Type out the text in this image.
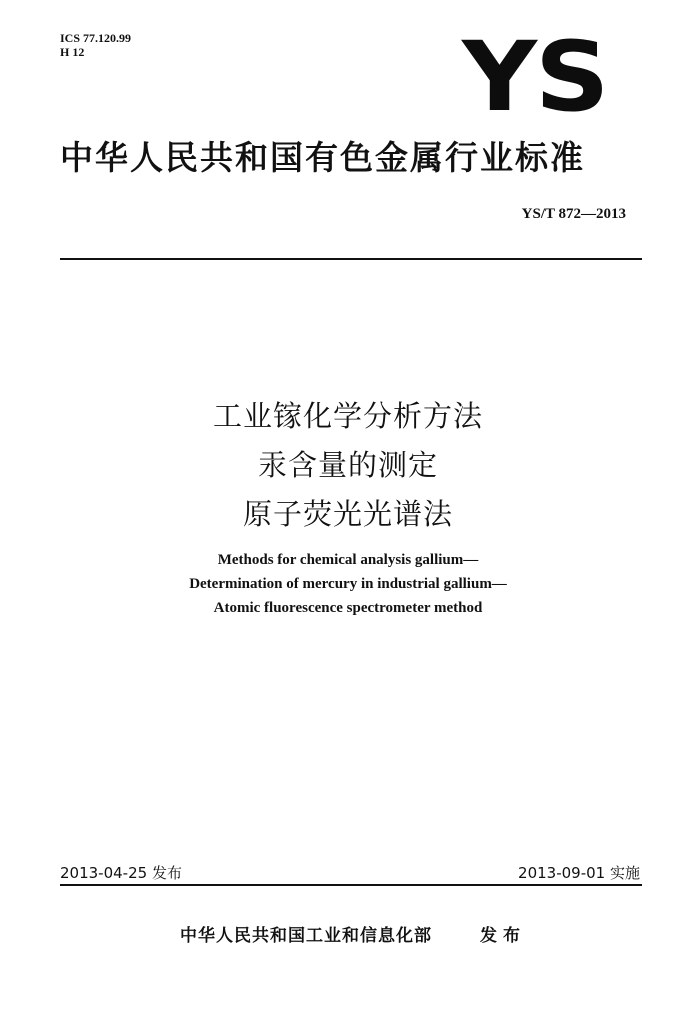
ICS 77.120.99
H 12	YS
中华人民共和国有色金属行业标准
YS/T 872—2013
工业镓化学分析方法
汞含量的测定
原子荧光光谱法
Methods for chemical analysis gallium—
Determination of mercury in industrial gallium—
Atomic fluorescence spectrometer method
2013-04-25 发布	2013-09-01 实施
中华人民共和国工业和信息化部	发布
